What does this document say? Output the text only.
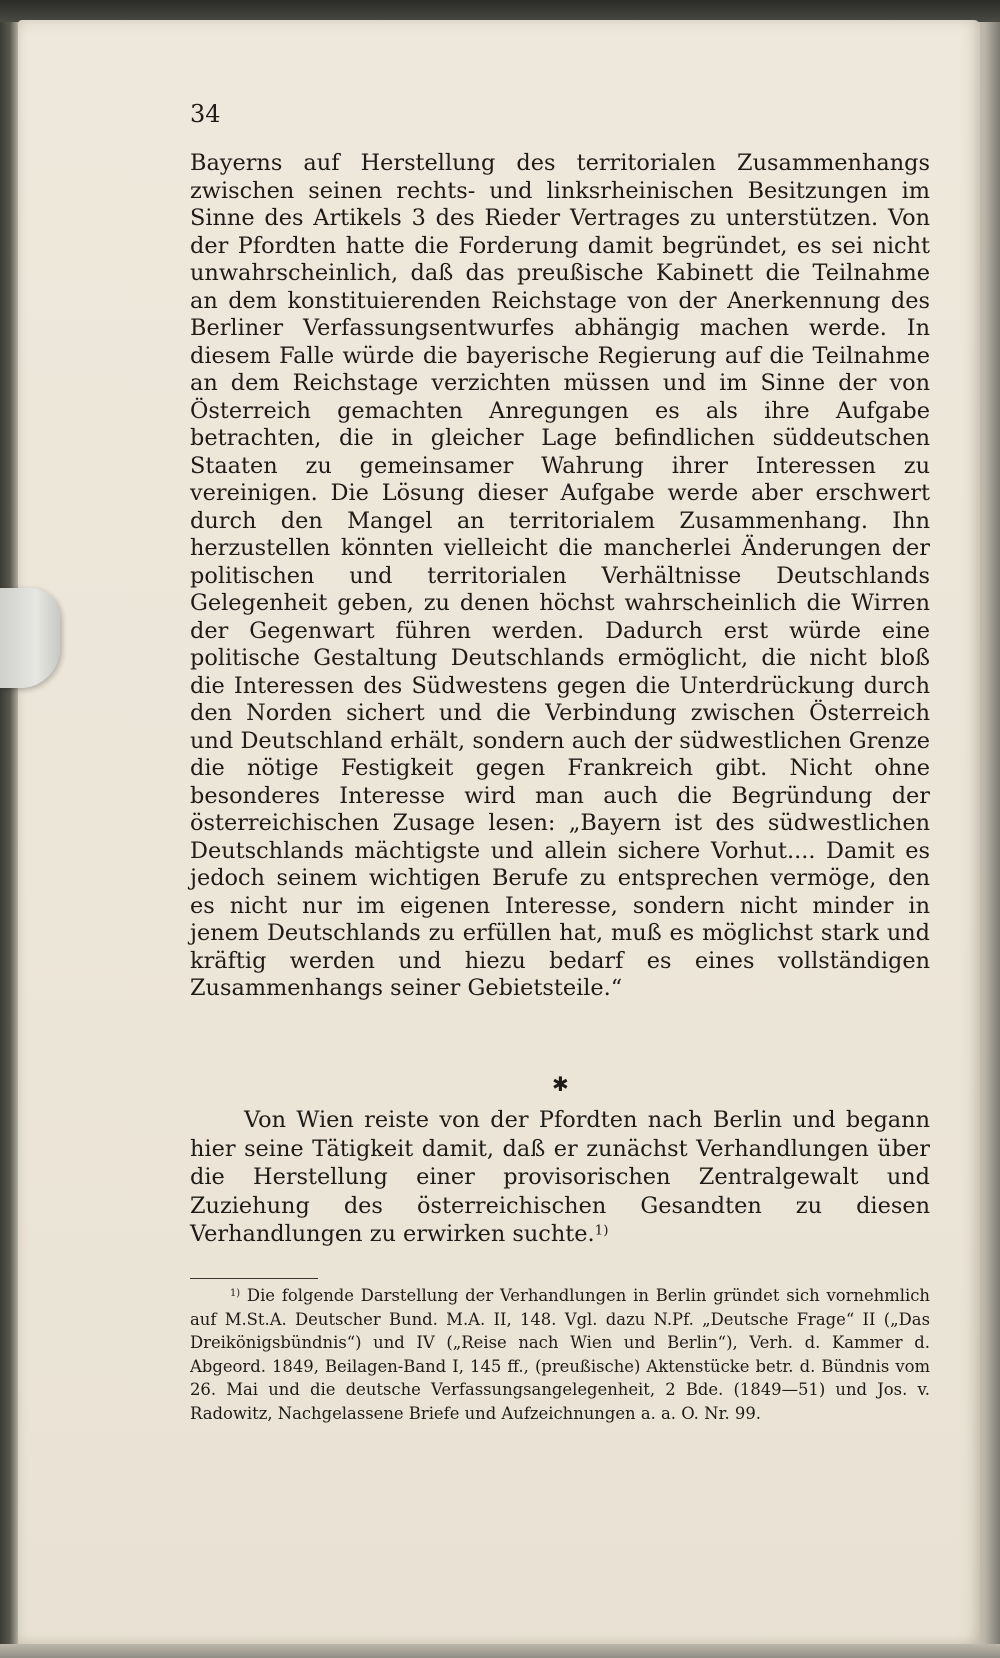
34

Bayerns auf Herstellung des territorialen Zusammenhangs zwischen seinen rechts- und linksrheinischen Besitzungen im Sinne des Artikels 3 des Rieder Vertrages zu unterstützen. Von der Pfordten hatte die Forderung damit begründet, es sei nicht unwahrscheinlich, daß das preußische Kabinett die Teilnahme an dem konstituierenden Reichstage von der Anerkennung des Berliner Verfassungsentwurfes abhängig machen werde. In diesem Falle würde die bayerische Regierung auf die Teilnahme an dem Reichstage verzichten müssen und im Sinne der von Österreich gemachten Anregungen es als ihre Aufgabe betrachten, die in gleicher Lage befindlichen süddeutschen Staaten zu gemeinsamer Wahrung ihrer Interessen zu vereinigen. Die Lösung dieser Aufgabe werde aber erschwert durch den Mangel an territorialem Zusammenhang. Ihn herzustellen könnten vielleicht die mancherlei Änderungen der politischen und territorialen Verhältnisse Deutschlands Gelegenheit geben, zu denen höchst wahrscheinlich die Wirren der Gegenwart führen werden. Dadurch erst würde eine politische Gestaltung Deutschlands ermöglicht, die nicht bloß die Interessen des Südwestens gegen die Unterdrückung durch den Norden sichert und die Verbindung zwischen Österreich und Deutschland erhält, sondern auch der südwestlichen Grenze die nötige Festigkeit gegen Frankreich gibt. Nicht ohne besonderes Interesse wird man auch die Begründung der österreichischen Zusage lesen: „Bayern ist des südwestlichen Deutschlands mächtigste und allein sichere Vorhut.... Damit es jedoch seinem wichtigen Berufe zu entsprechen vermöge, den es nicht nur im eigenen Interesse, sondern nicht minder in jenem Deutschlands zu erfüllen hat, muß es möglichst stark und kräftig werden und hiezu bedarf es eines vollständigen Zusammenhangs seiner Gebietsteile.“

✱

Von Wien reiste von der Pfordten nach Berlin und begann hier seine Tätigkeit damit, daß er zunächst Verhandlungen über die Herstellung einer provisorischen Zentralgewalt und Zuziehung des österreichischen Gesandten zu diesen Verhandlungen zu erwirken suchte.$^{1)}$

$^{1)}$ Die folgende Darstellung der Verhandlungen in Berlin gründet sich vornehmlich auf M.St.A. Deutscher Bund. M.A. II, 148. Vgl. dazu N.Pf. „Deutsche Frage“ II („Das Dreikönigsbündnis“) und IV („Reise nach Wien und Berlin“), Verh. d. Kammer d. Abgeord. 1849, Beilagen-Band I, 145 ff., (preußische) Aktenstücke betr. d. Bündnis vom 26. Mai und die deutsche Verfassungsangelegenheit, 2 Bde. (1849—51) und Jos. v. Radowitz, Nachgelassene Briefe und Aufzeichnungen a. a. O. Nr. 99.
